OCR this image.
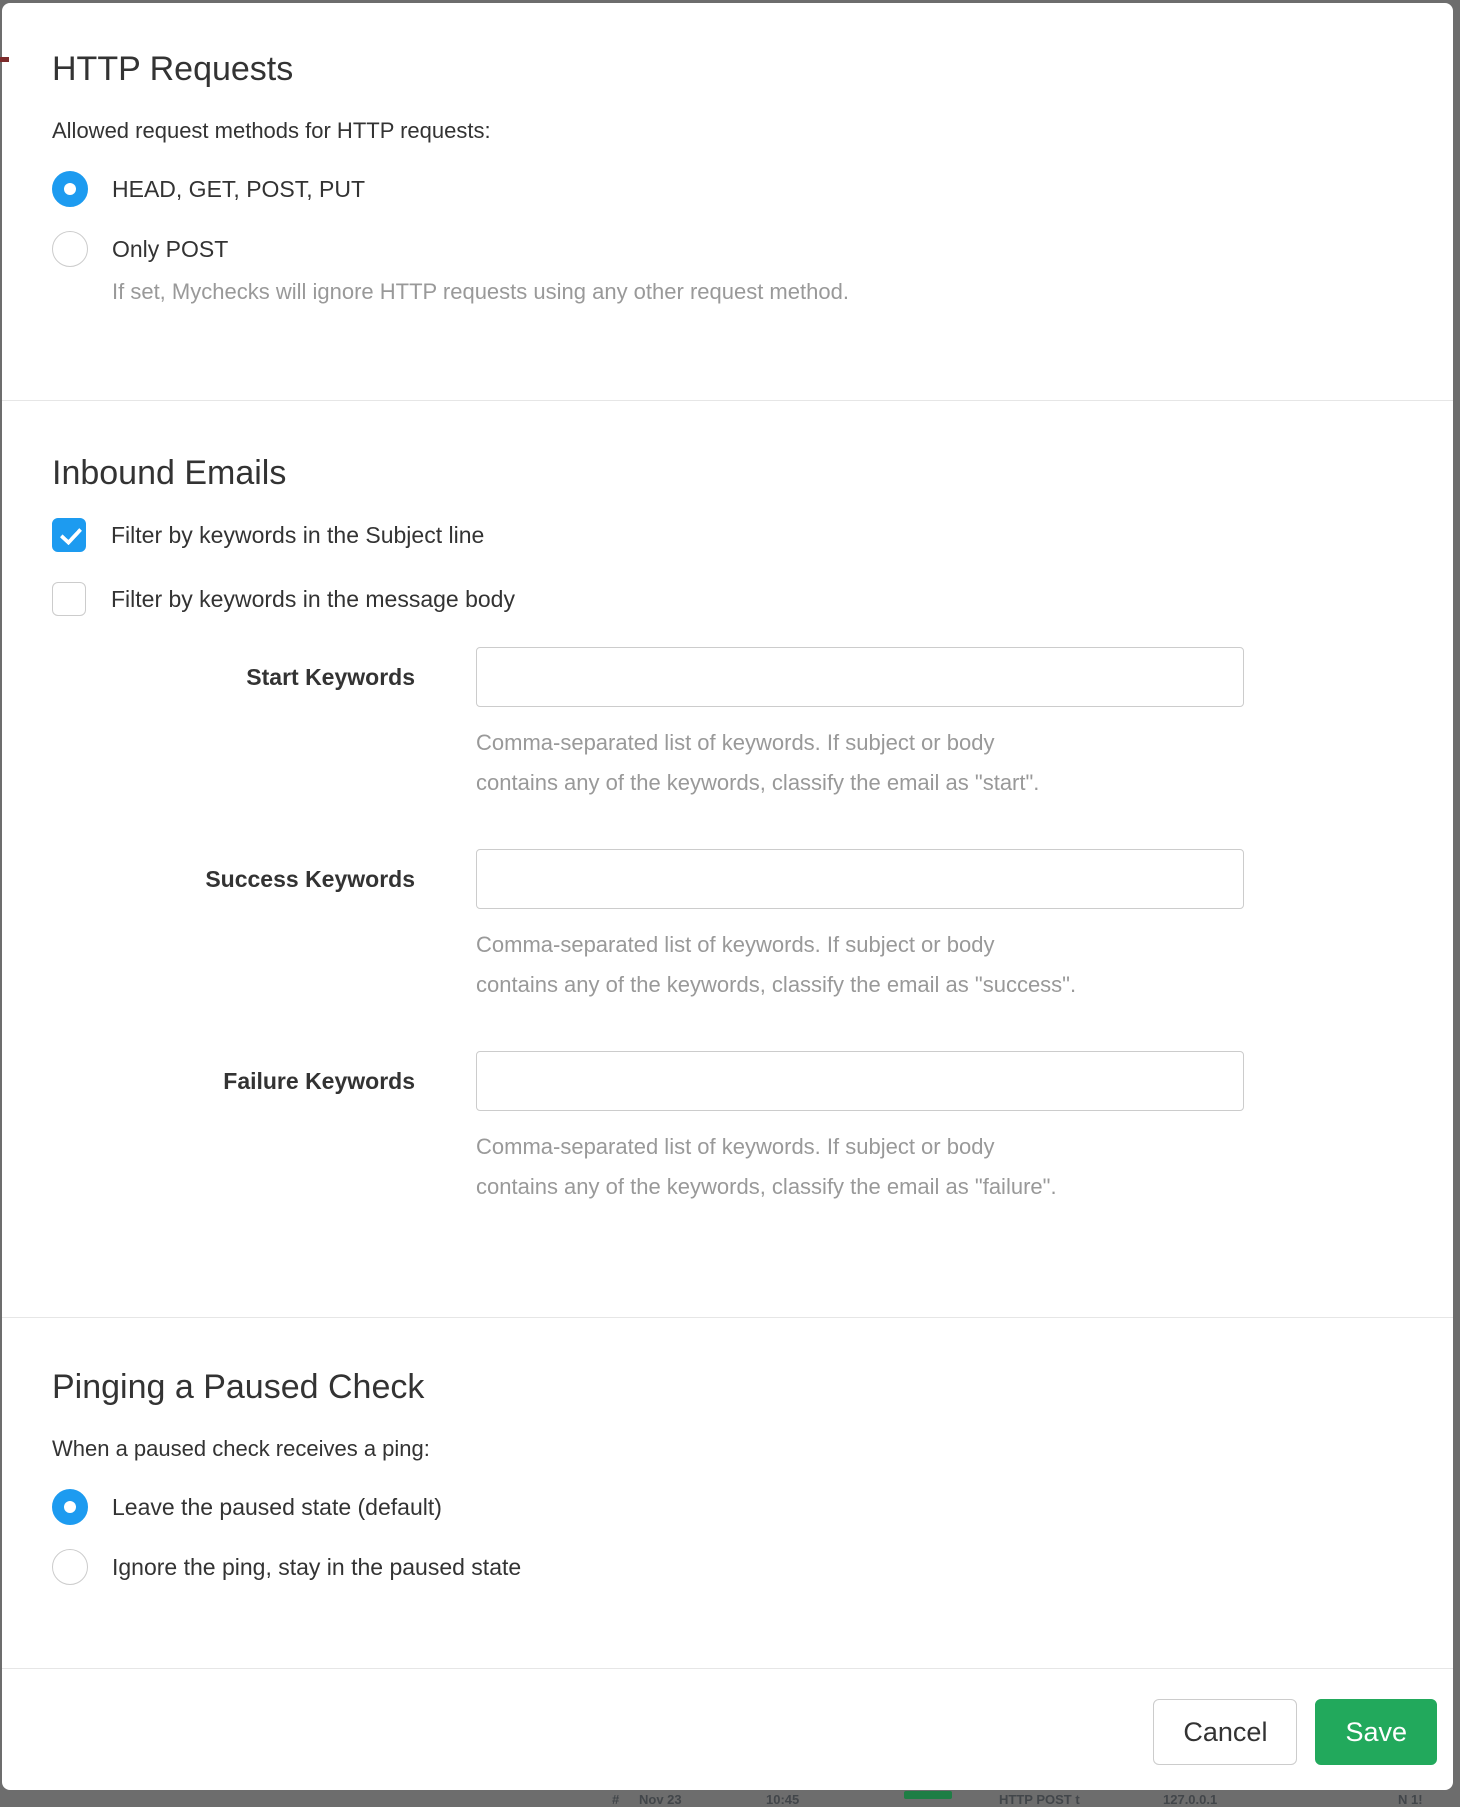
HTTP Requests
Allowed request methods for HTTP requests:
HEAD, GET, POST, PUT
Only POST
If set, Mychecks will ignore HTTP requests using any other request method.
Inbound Emails
Filter by keywords in the Subject line
Filter by keywords in the message body
Start Keywords
Comma-separated list of keywords. If subject or body
contains any of the keywords, classify the email as "start".
Success Keywords
Comma-separated list of keywords. If subject or body
contains any of the keywords, classify the email as "success".
Failure Keywords
Comma-separated list of keywords. If subject or body
contains any of the keywords, classify the email as "failure".
Pinging a Paused Check
When a paused check receives a ping:
Leave the paused state (default)
Ignore the ping, stay in the paused state
Cancel	Save
# Nov 23	10:45	HTTP POST t	127.0.0.1	N 1!
